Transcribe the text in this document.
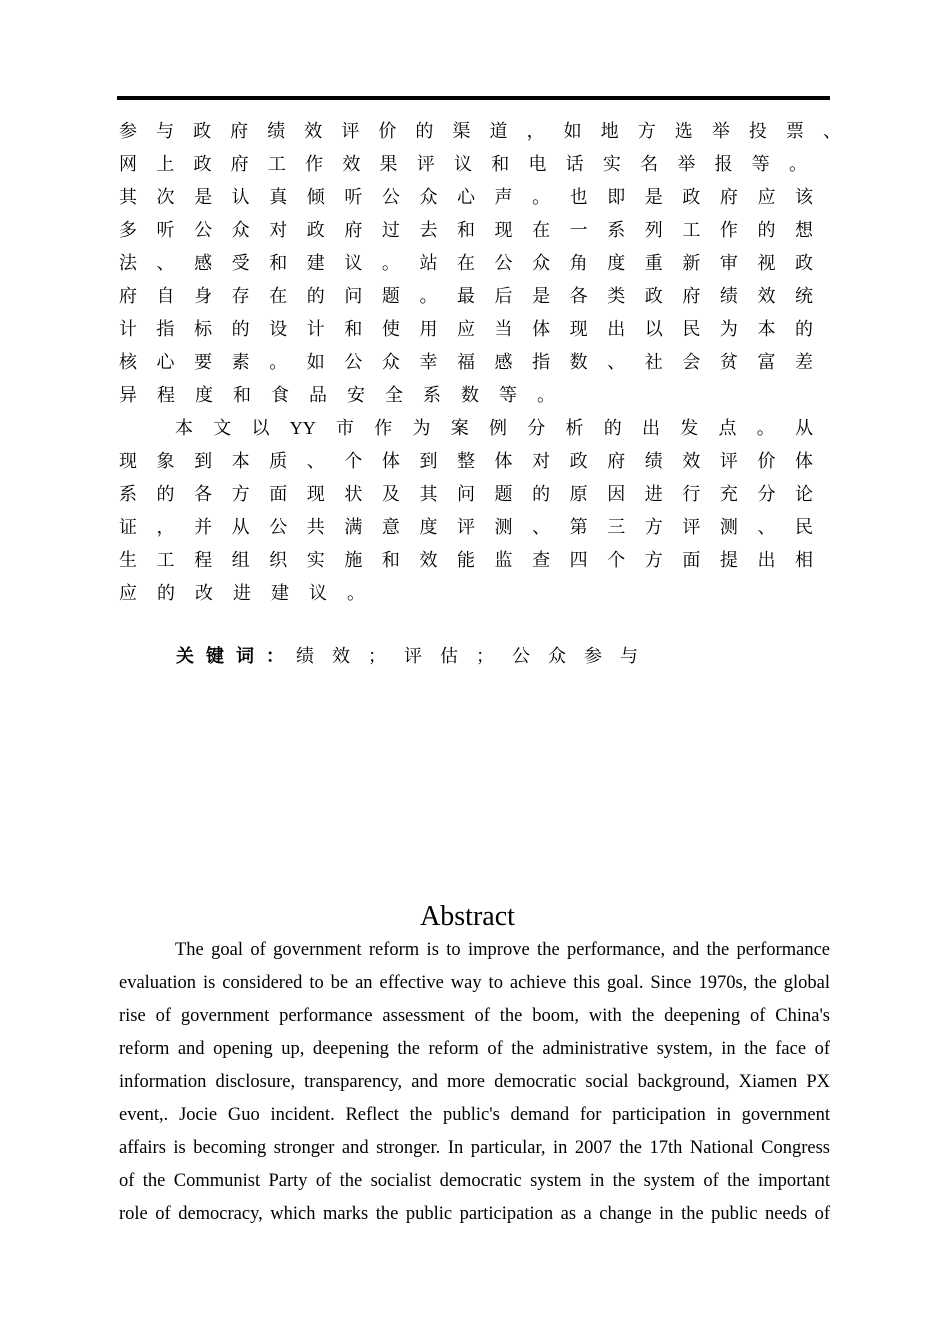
参与政府绩效评价的渠道，如地方选举投票、
网上政府工作效果评议和电话实名举报等。
其次是认真倾听公众心声。也即是政府应该
多听公众对政府过去和现在一系列工作的想
法、感受和建议。站在公众角度重新审视政
府自身存在的问题。最后是各类政府绩效统
计指标的设计和使用应当体现出以民为本的
核心要素。如公众幸福感指数、社会贫富差
异程度和食品安全系数等。
本文以YY市作为案例分析的出发点。从
现象到本质、个体到整体对政府绩效评价体
系的各方面现状及其问题的原因进行充分论
证，并从公共满意度评测、第三方评测、民
生工程组织实施和效能监查四个方面提出相
应的改进建议。
关键词：绩效；评估；公众参与
Abstract
The goal of government reform is to improve the performance, and the performance
evaluation is considered to be an effective way to achieve this goal. Since 1970s, the global
rise of government performance assessment of the boom, with the deepening of China's
reform and opening up, deepening the reform of the administrative system, in the face of
information disclosure, transparency, and more democratic social background, Xiamen PX
event,. Jocie Guo incident. Reflect the public's demand for participation in government
affairs is becoming stronger and stronger. In particular, in 2007 the 17th National Congress
of the Communist Party of the socialist democratic system in the system of the important
role of democracy, which marks the public participation as a change in the public needs of
